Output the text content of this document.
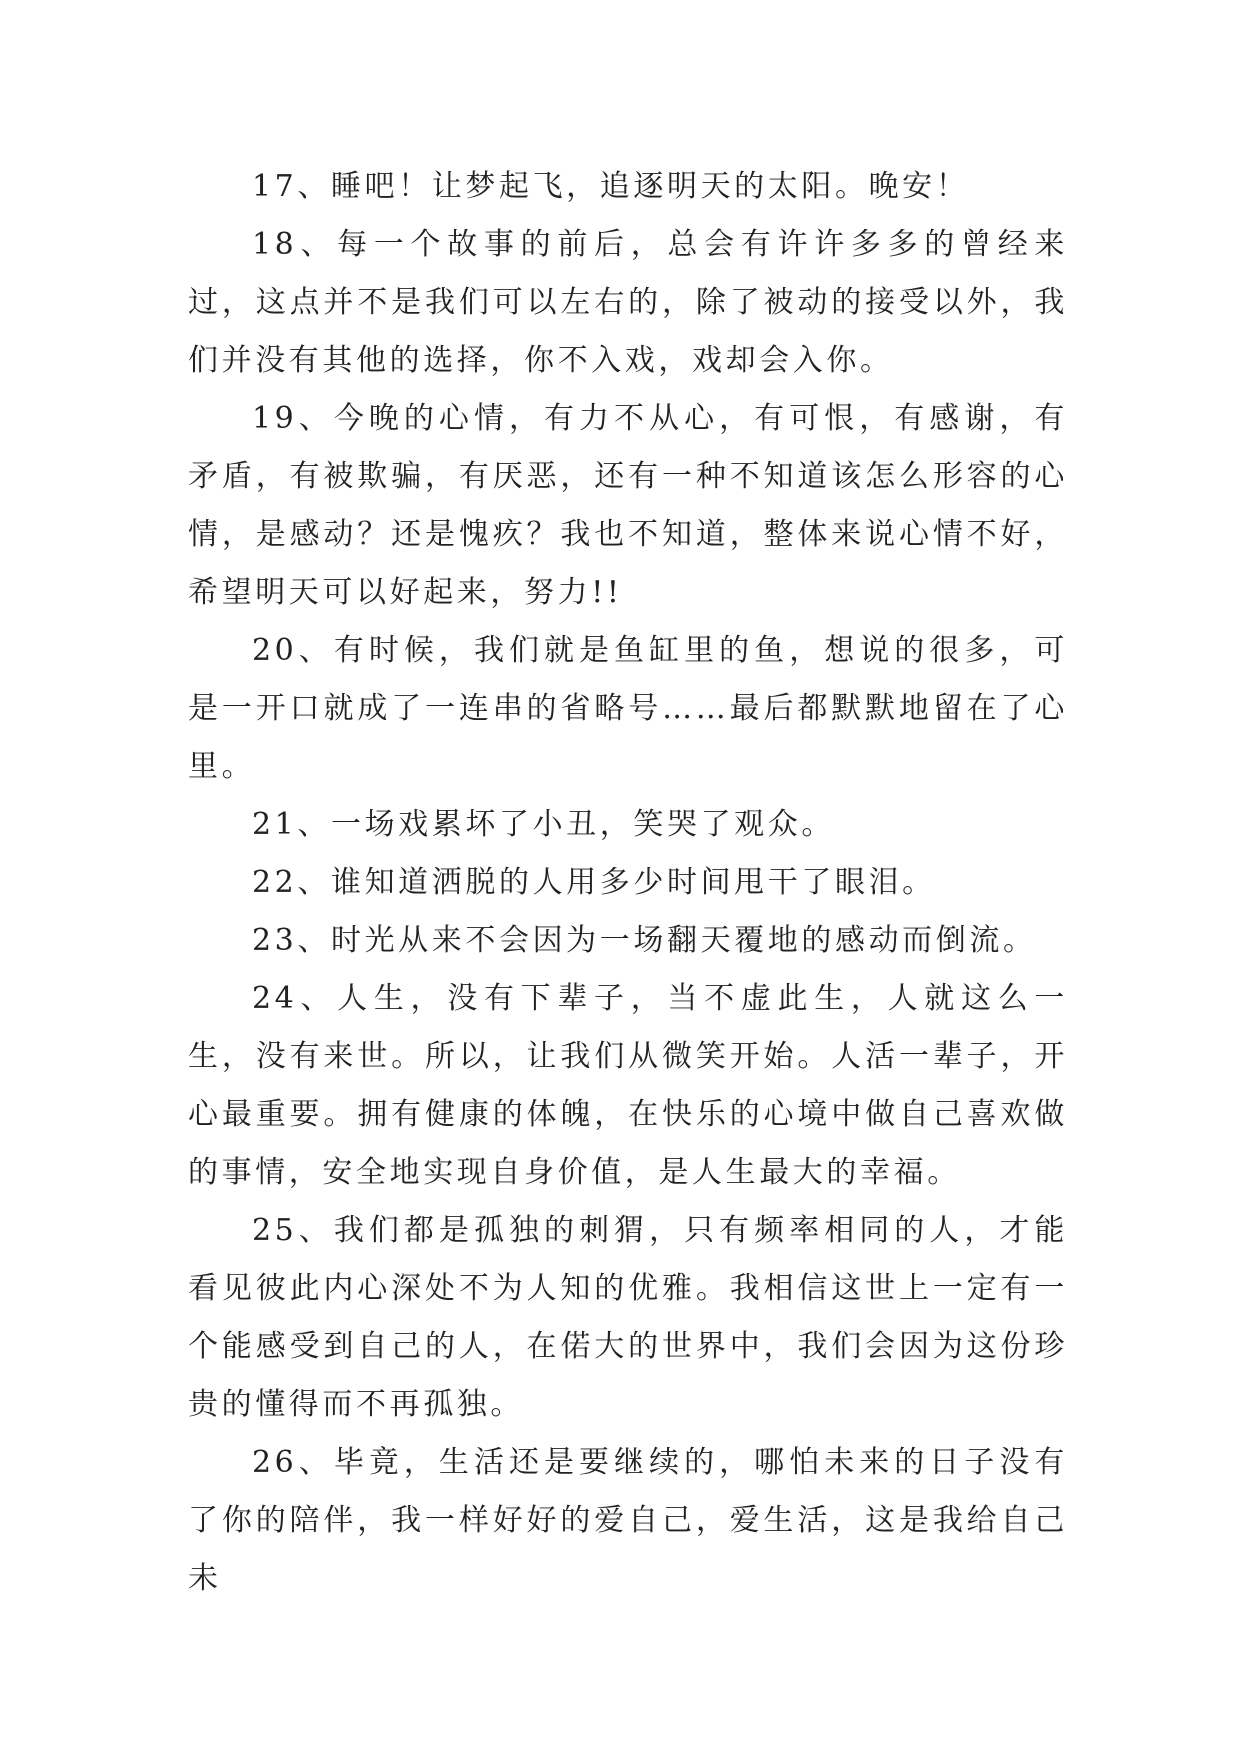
17、睡吧！让梦起飞，追逐明天的太阳。晚安！

18、每一个故事的前后，总会有许许多多的曾经来过，这点并不是我们可以左右的，除了被动的接受以外，我们并没有其他的选择，你不入戏，戏却会入你。

19、今晚的心情，有力不从心，有可恨，有感谢，有矛盾，有被欺骗，有厌恶，还有一种不知道该怎么形容的心情，是感动？还是愧疚？我也不知道，整体来说心情不好，希望明天可以好起来，努力!!

20、有时候，我们就是鱼缸里的鱼，想说的很多，可是一开口就成了一连串的省略号……最后都默默地留在了心里。

21、一场戏累坏了小丑，笑哭了观众。

22、谁知道洒脱的人用多少时间甩干了眼泪。

23、时光从来不会因为一场翻天覆地的感动而倒流。

24、人生，没有下辈子，当不虚此生，人就这么一生，没有来世。所以，让我们从微笑开始。人活一辈子，开心最重要。拥有健康的体魄，在快乐的心境中做自己喜欢做的事情，安全地实现自身价值，是人生最大的幸福。

25、我们都是孤独的刺猬，只有频率相同的人，才能看见彼此内心深处不为人知的优雅。我相信这世上一定有一个能感受到自己的人，在偌大的世界中，我们会因为这份珍贵的懂得而不再孤独。

26、毕竟，生活还是要继续的，哪怕未来的日子没有了你的陪伴，我一样好好的爱自己，爱生活，这是我给自己未
